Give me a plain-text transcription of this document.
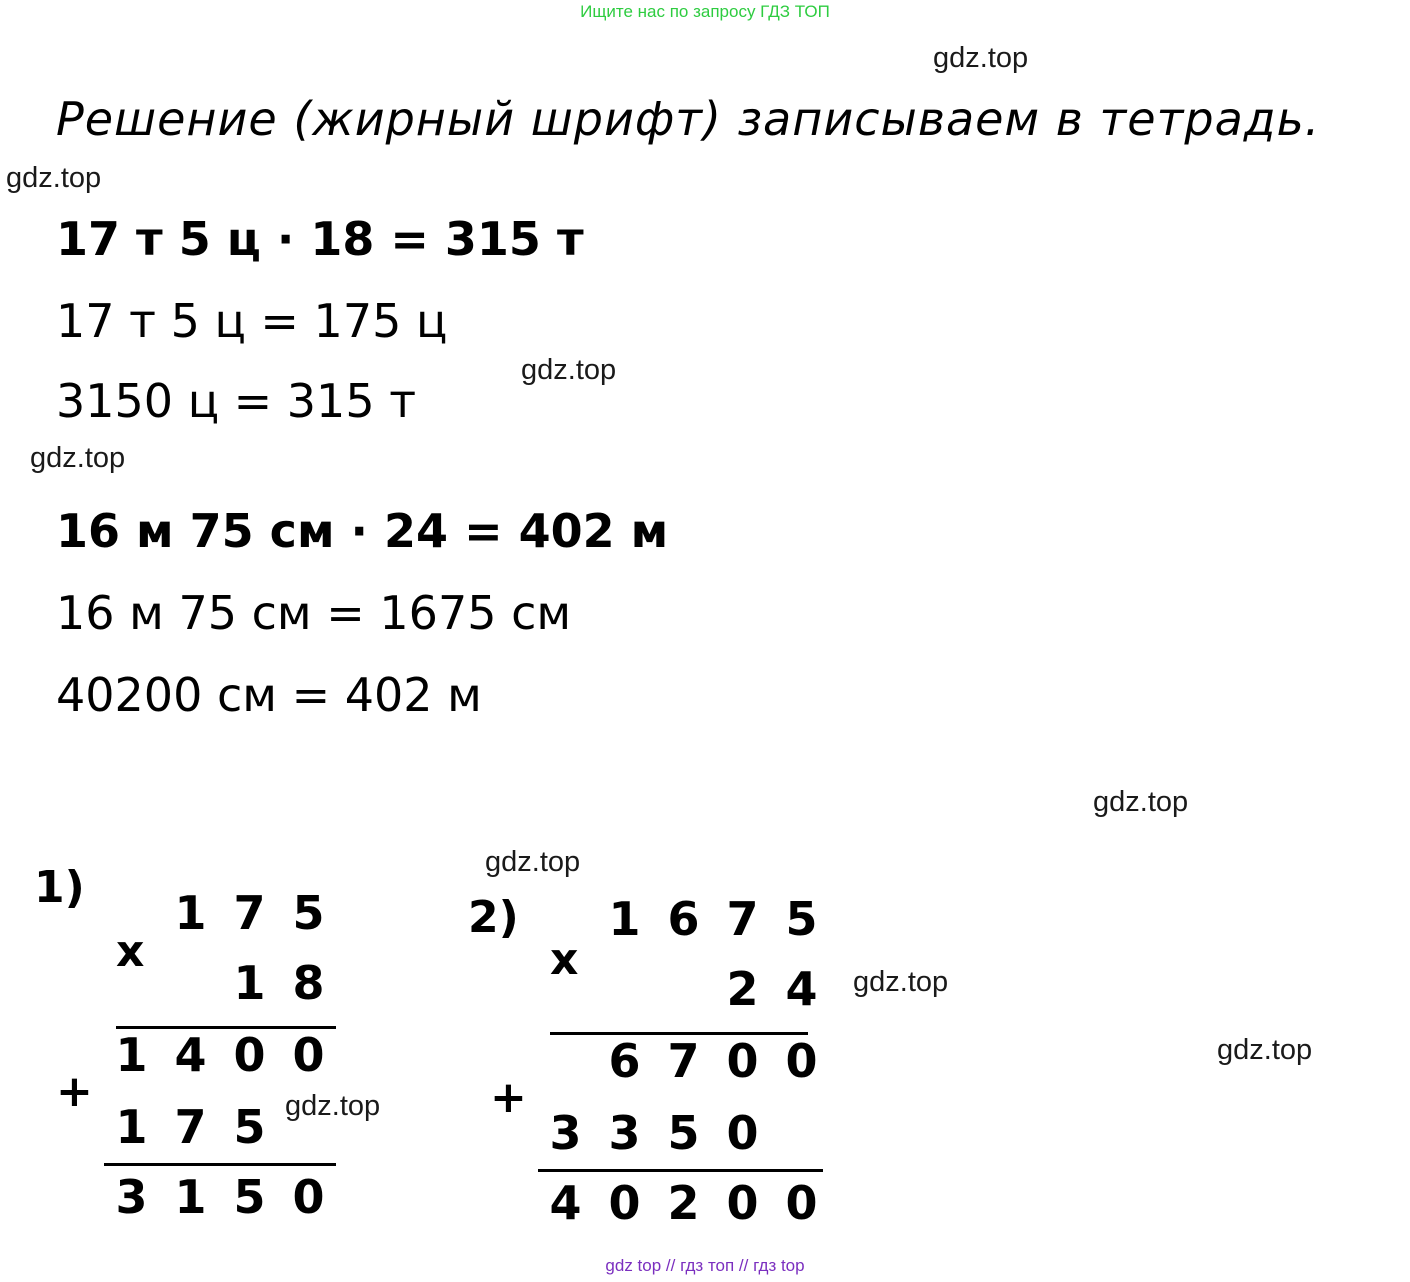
Ищите нас по запросу ГДЗ ТОП
gdz.top
gdz.top
gdz.top
gdz.top
gdz.top
gdz.top
gdz.top
gdz.top
gdz.top
Решение (жирный шрифт) записываем в тетрадь.
17 т 5 ц · 18 = 315 т
17 т 5 ц = 175 ц
3150 ц = 315 т
16 м 75 см · 24 = 402 м
16 м 75 см = 1675 см
40200 см = 402 м
1)
x
+
1 7 5
1 8
1 4 0 0
1 7 5
3 1 5 0
2)
x
+
1 6 7 5
2 4
6 7 0 0
3 3 5 0
4 0 2 0 0
gdz top // гдз топ // гдз top
